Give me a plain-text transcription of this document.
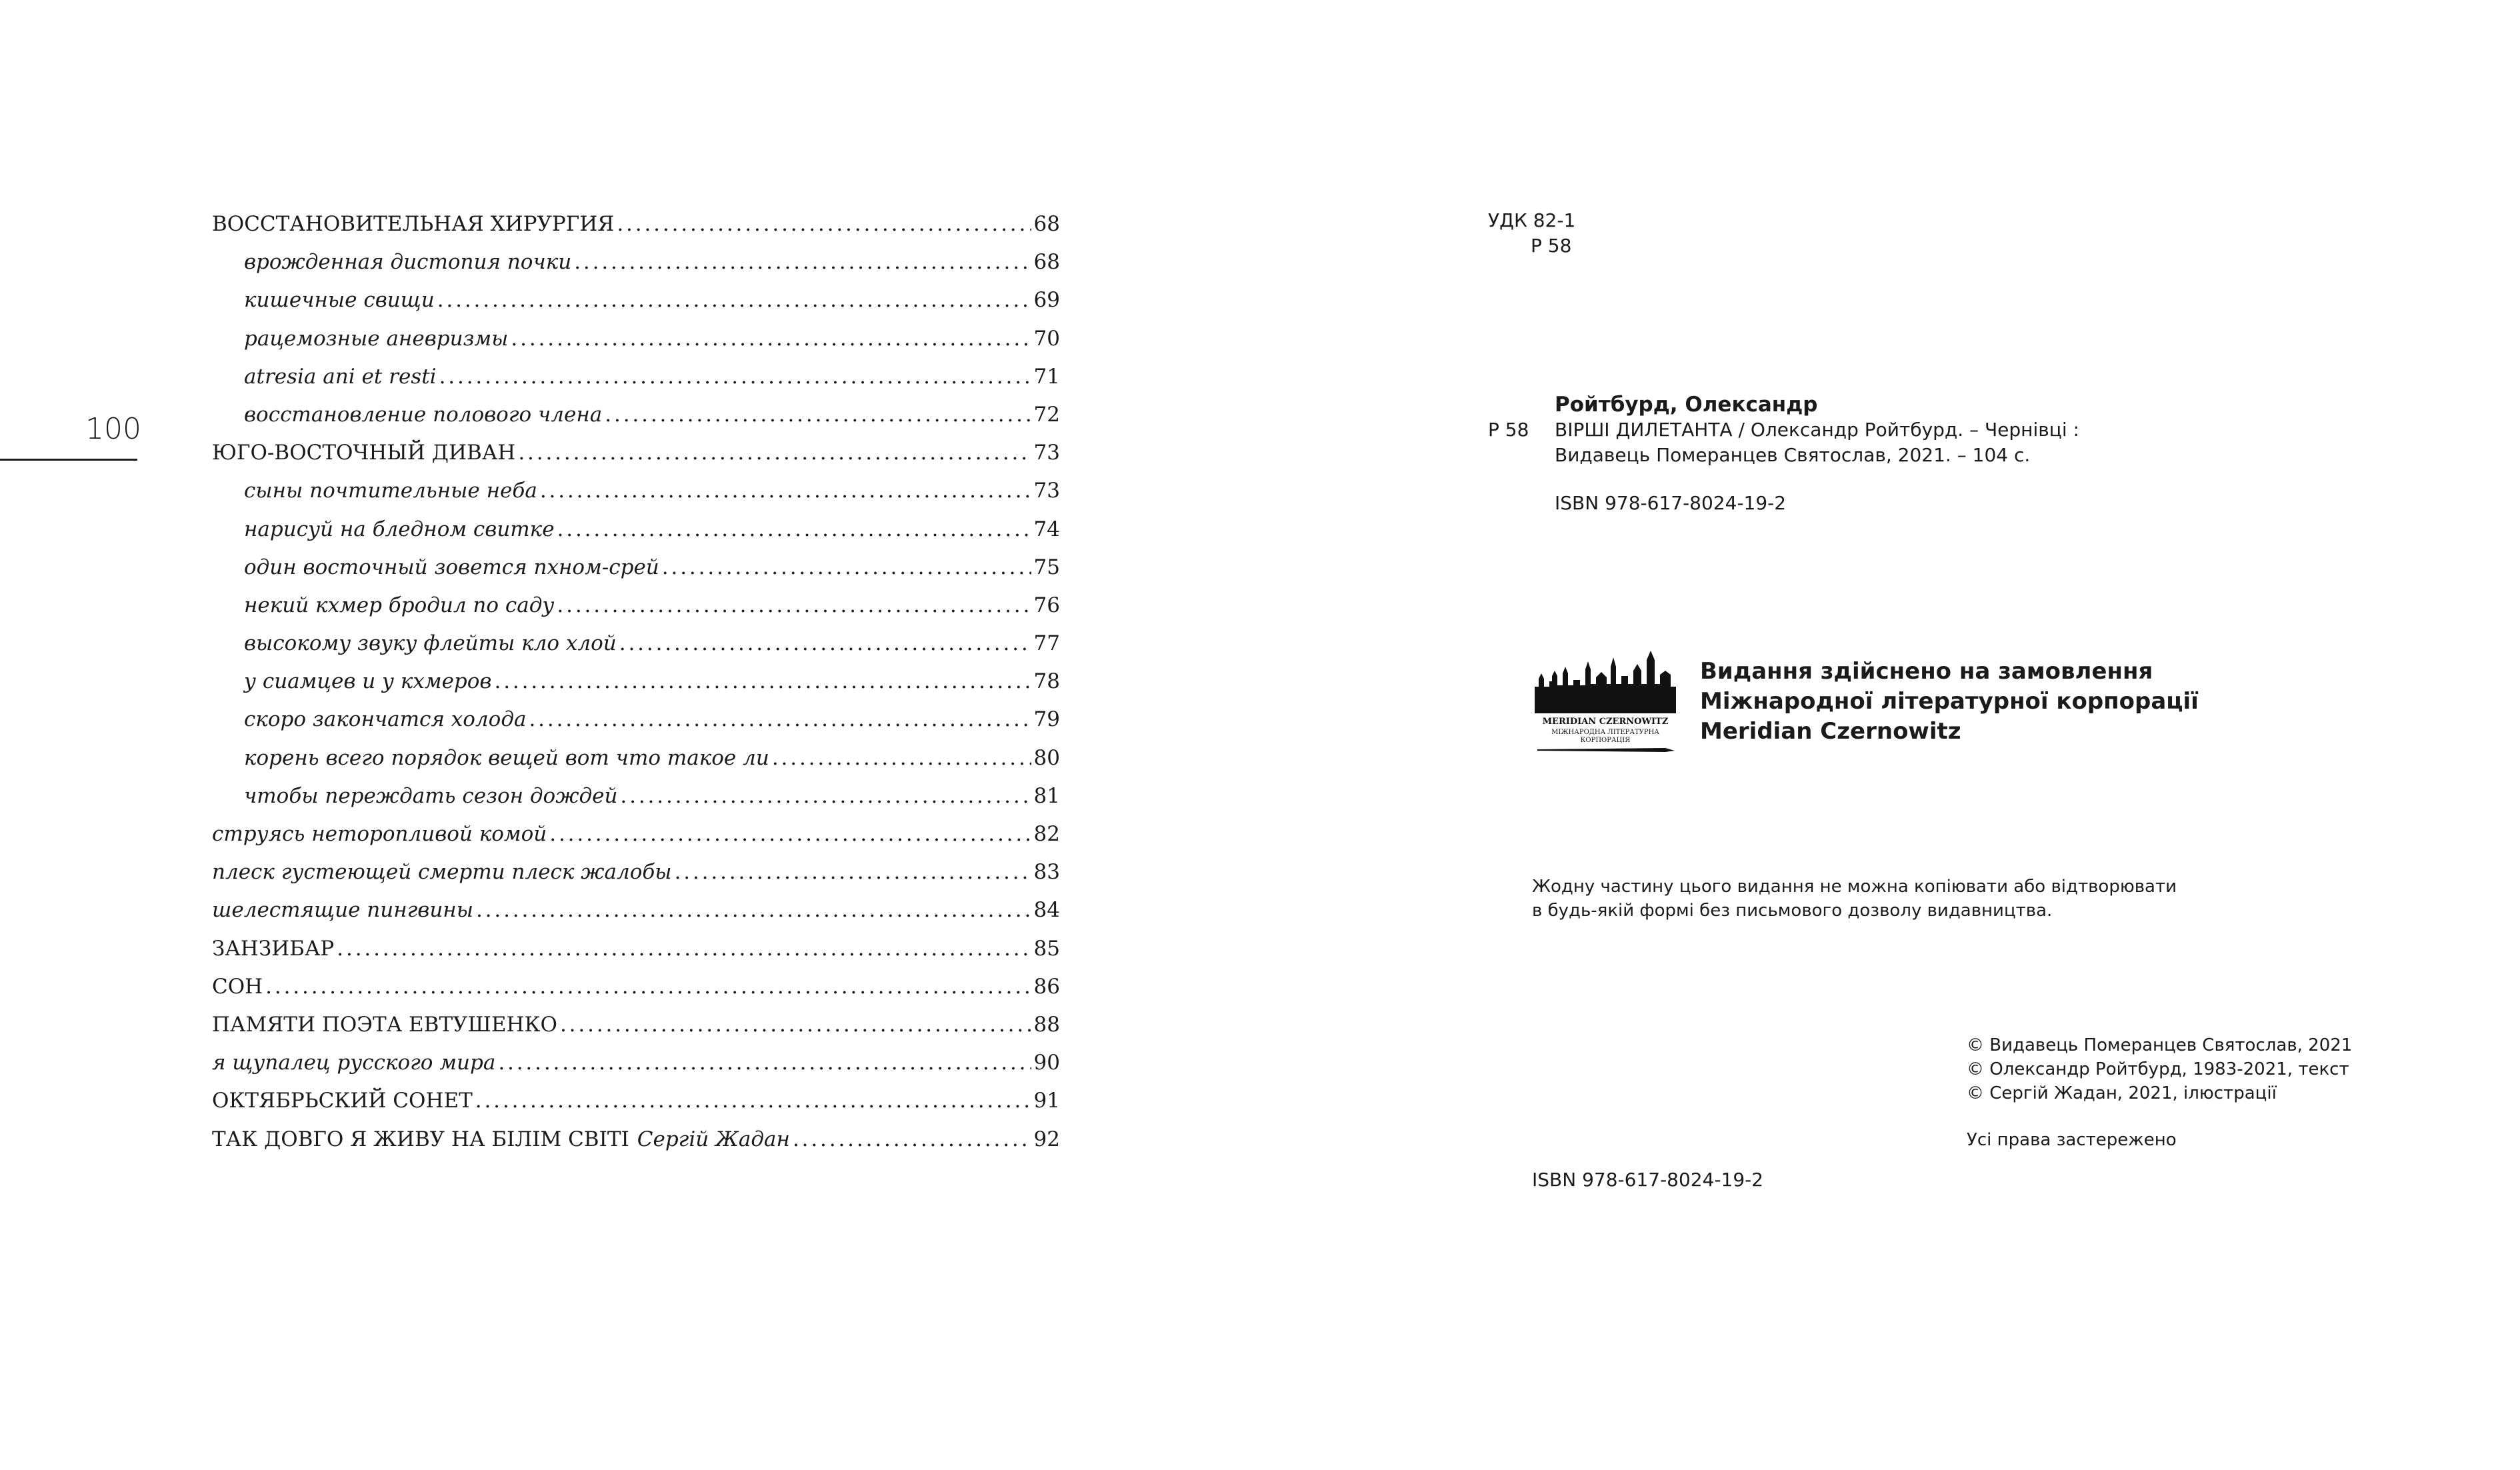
100
ВОССТАНОВИТЕЛЬНАЯ ХИРУРГИЯ . . .	68
врожденная дистопия почки . . .	68
кишечные свищи . . .	69
рацемозные аневризмы . . .	70
atresia ani et resti . . .	71
восстановление полового члена . . .	72
ЮГО-ВОСТОЧНЫЙ ДИВАН . . .	73
сыны почтительные неба . . .	73
нарисуй на бледном свитке . . .	74
один восточный зовется пхном-срей . . .	75
некий кхмер бродил по саду . . .	76
высокому звуку флейты кло хлой . . .	77
у сиамцев и у кхмеров . . .	78
скоро закончатся холода . . .	79
корень всего порядок вещей вот что такое ли . . .	80
чтобы переждать сезон дождей . . .	81
струясь неторопливой комой . . .	82
плеск густеющей смерти плеск жалобы . . .	83
шелестящие пингвины . . .	84
ЗАНЗИБАР . . .	85
СОН . . .	86
ПАМЯТИ ПОЭТА ЕВТУШЕНКО . . .	88
я щупалец русского мира . . .	90
ОКТЯБРЬСКИЙ СОНЕТ . . .	91
ТАК ДОВГО Я ЖИВУ НА БІЛІМ СВІТІ Сергій Жадан . . .	92
УДК 82-1
Р 58
Ройтбурд, Олександр
Р 58	ВІРШІ ДИЛЕТАНТА / Олександр Ройтбурд. – Чернівці :
Видавець Померанцев Святослав, 2021. – 104 с.
ISBN 978-617-8024-19-2
MERIDIAN CZERNOWITZ
МІЖНАРОДНА ЛІТЕРАТУРНА
КОРПОРАЦІЯ
Видання здійснено на замовлення
Міжнародної літературної корпорації
Meridian Czernowitz
Жодну частину цього видання не можна копіювати або відтворювати
в будь-якій формі без письмового дозволу видавництва.
© Видавець Померанцев Святослав, 2021
© Олександр Ройтбурд, 1983-2021, текст
© Сергій Жадан, 2021, ілюстрації
Усі права застережено
ISBN 978-617-8024-19-2
